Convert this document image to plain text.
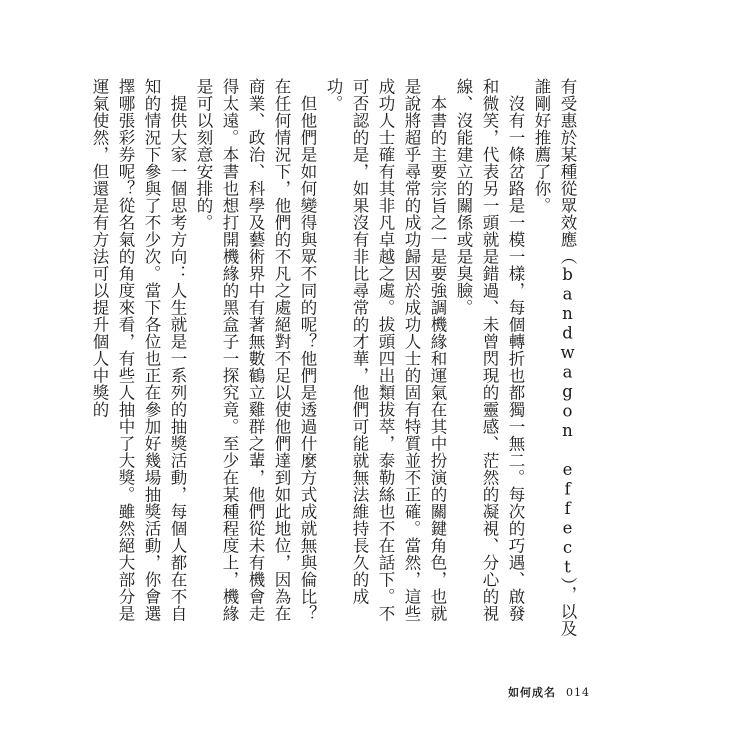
有受惠於某種從眾效應（bandwagon effect），以及誰剛好推薦了你。

沒有一條岔路是一模一樣，每個轉折也都獨一無二。每次的巧遇、啟發和微笑，代表另一頭就是錯過、未曾閃現的靈感、茫然的凝視、分心的視線、沒能建立的關係或是臭臉。

本書的主要宗旨之一是要強調機緣和運氣在其中扮演的關鍵角色，也就是說將超乎尋常的成功歸因於成功人士的固有特質並不正確。當然，這些成功人士確有其非凡卓越之處。拔頭四出類拔萃，泰勒絲也不在話下。不可否認的是，如果沒有非比尋常的才華，他們可能就無法維持長久的成功。

但他們是如何變得與眾不同的呢？他們是透過什麼方式成就無與倫比？在任何情況下，他們的不凡之處絕對不足以使他們達到如此地位，因為在商業、政治、科學及藝術界中有著無數鶴立雞群之輩，他們從未有機會走得太遠。本書也想打開機緣的黑盒子一探究竟。至少在某種程度上，機緣是可以刻意安排的。

提供大家一個思考方向：人生就是一系列的抽獎活動，每個人都在不自知的情況下參與了不少次。當下各位也正在參加好幾場抽獎活動，你會選擇哪張彩券呢？從名氣的角度來看，有些人抽中了大獎。雖然絕大部分是運氣使然，但還是有方法可以提升個人中獎的

如何成名 014
